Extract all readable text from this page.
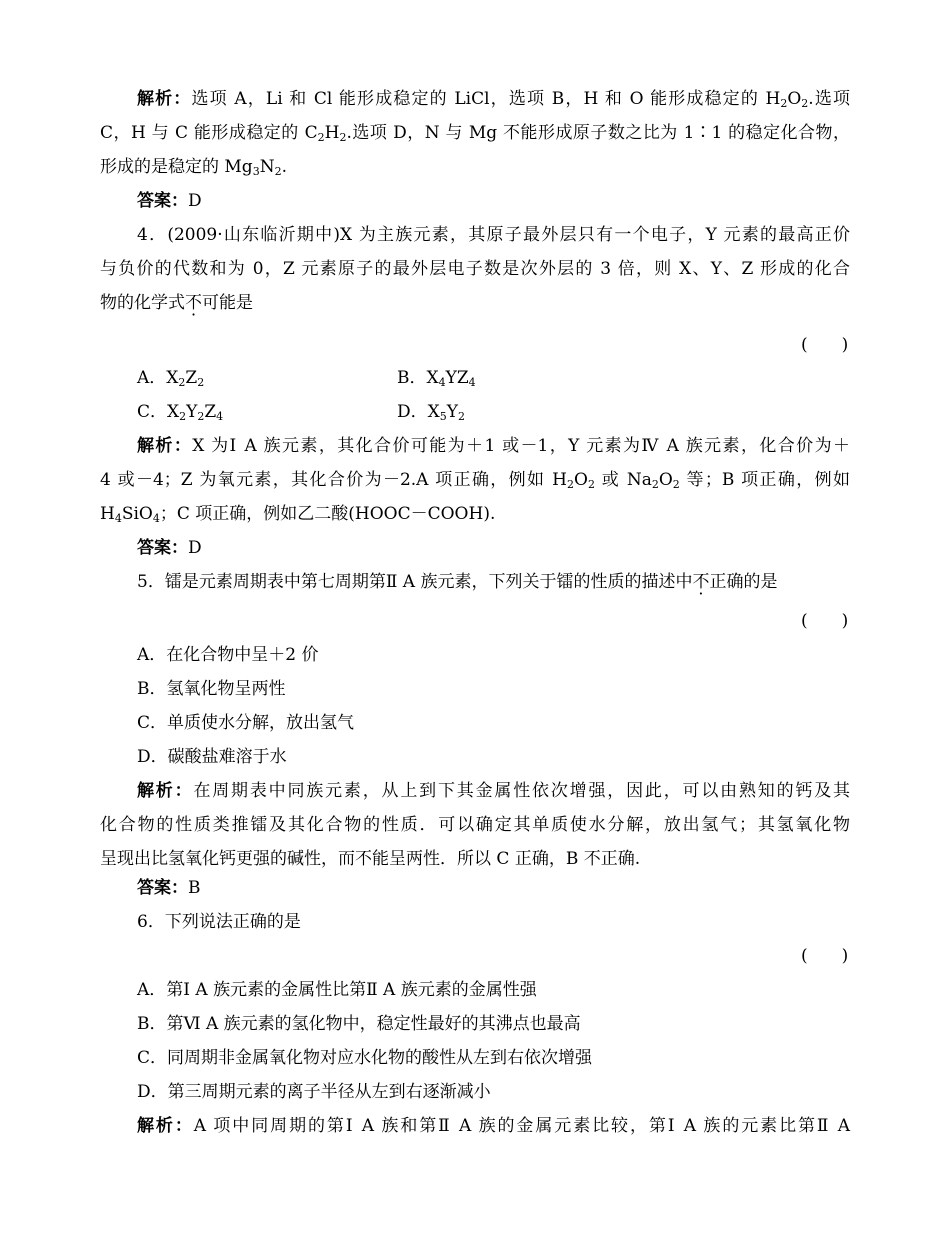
解析：选项 A，Li 和 Cl 能形成稳定的 LiCl，选项 B，H 和 O 能形成稳定的 $H_2O_2$.选项
C，H 与 C 能形成稳定的 $C_2H_2$.选项 D，N 与 Mg 不能形成原子数之比为 1∶1 的稳定化合物，
形成的是稳定的 $Mg_3N_2$.
答案：D
4．(2009·山东临沂期中)X 为主族元素，其原子最外层只有一个电子，Y 元素的最高正价
与负价的代数和为 0，Z 元素原子的最外层电子数是次外层的 3 倍，则 X、Y、Z 形成的化合
物的化学式不可能是
(　　)
A．$X_2Z_2$	B．$X_4YZ_4$
C．$X_2Y_2Z_4$	D．$X_5Y_2$
解析：X 为Ⅰ A 族元素，其化合价可能为＋1 或－1，Y 元素为Ⅳ A 族元素，化合价为＋
4 或－4；Z 为氧元素，其化合价为－2.A 项正确，例如 $H_2O_2$ 或 $Na_2O_2$ 等；B 项正确，例如
$H_4SiO_4$；C 项正确，例如乙二酸(HOOC－COOH).
答案：D
5．镭是元素周期表中第七周期第Ⅱ A 族元素，下列关于镭的性质的描述中不正确的是
(　　)
A．在化合物中呈＋2 价
B．氢氧化物呈两性
C．单质使水分解，放出氢气
D．碳酸盐难溶于水
解析：在周期表中同族元素，从上到下其金属性依次增强，因此，可以由熟知的钙及其
化合物的性质类推镭及其化合物的性质．可以确定其单质使水分解，放出氢气；其氢氧化物
呈现出比氢氧化钙更强的碱性，而不能呈两性．所以 C 正确，B 不正确.
答案：B
6．下列说法正确的是
(　　)
A．第Ⅰ A 族元素的金属性比第Ⅱ A 族元素的金属性强
B．第Ⅵ A 族元素的氢化物中，稳定性最好的其沸点也最高
C．同周期非金属氧化物对应水化物的酸性从左到右依次增强
D．第三周期元素的离子半径从左到右逐渐减小
解析：A 项中同周期的第Ⅰ A 族和第Ⅱ A 族的金属元素比较，第Ⅰ A 族的元素比第Ⅱ A
